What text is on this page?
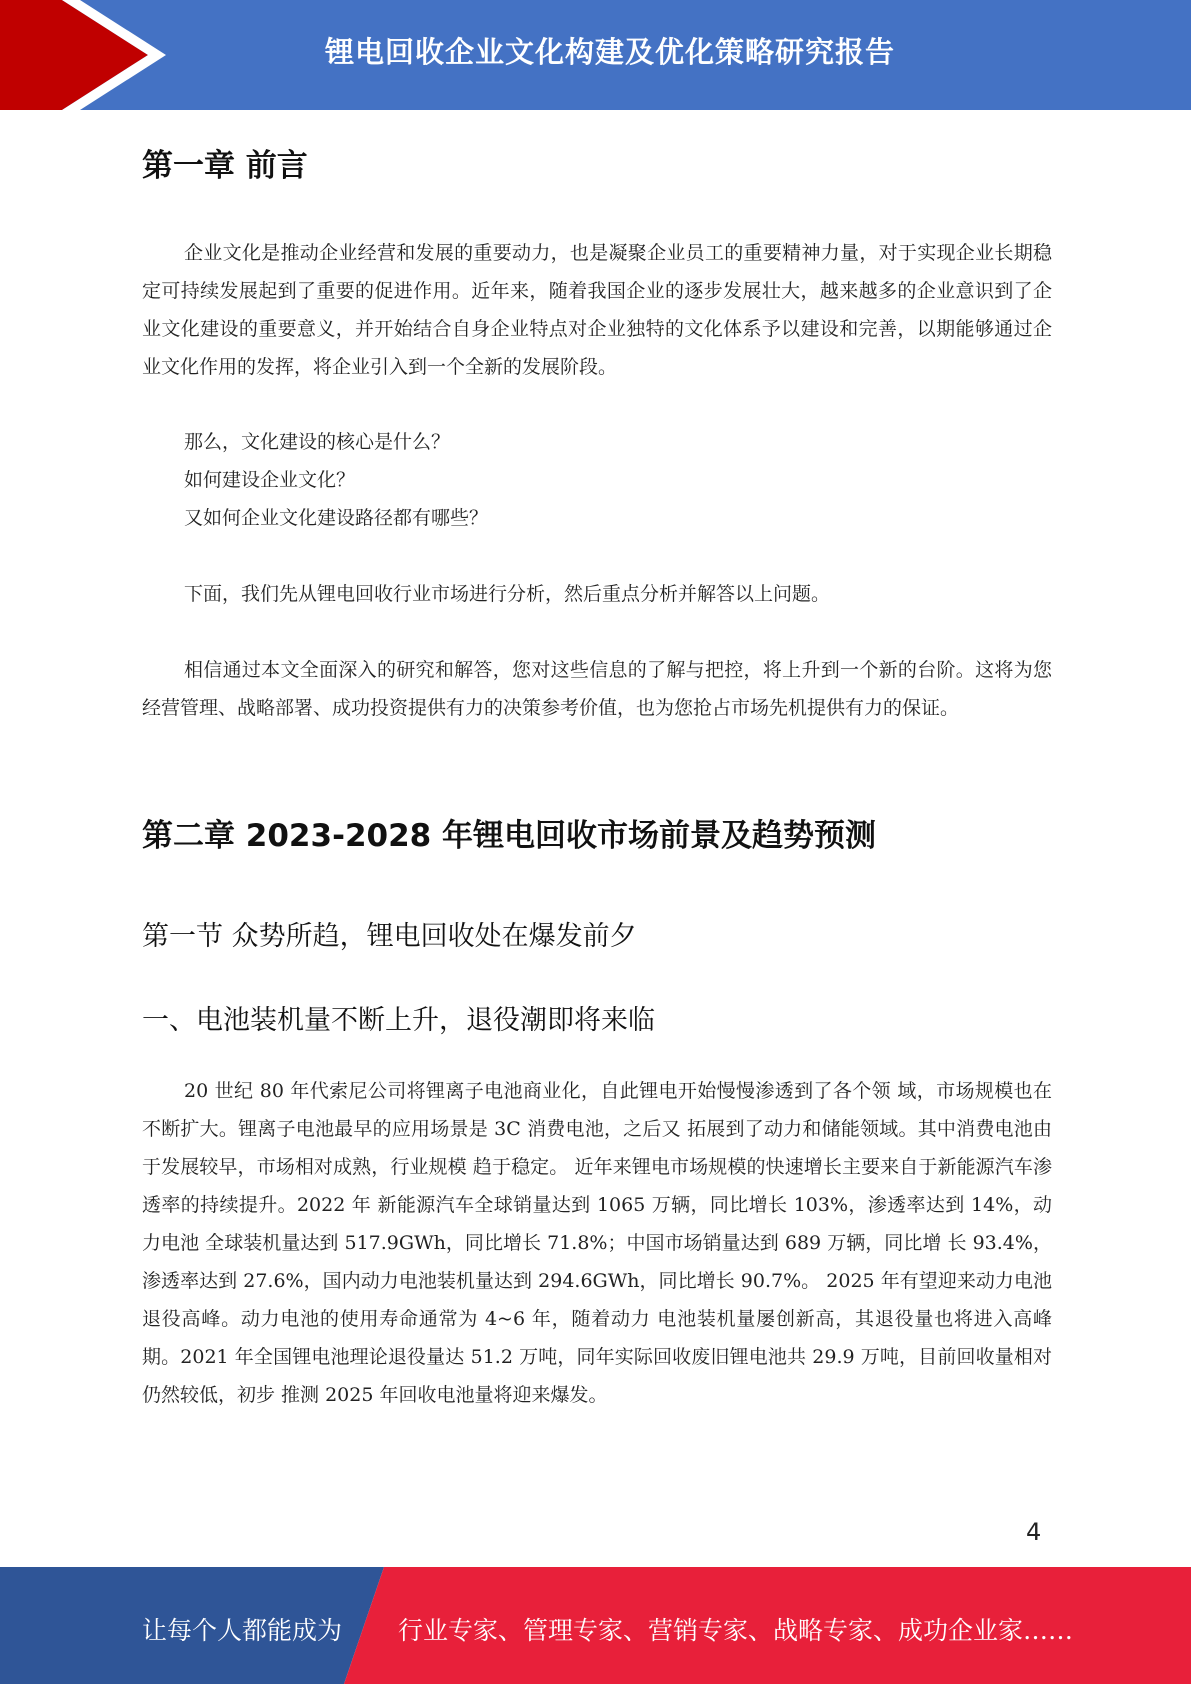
锂电回收企业文化构建及优化策略研究报告
第一章 前言

企业文化是推动企业经营和发展的重要动力，也是凝聚企业员工的重要精神力量，对于实现企业长期稳定可持续发展起到了重要的促进作用。近年来，随着我国企业的逐步发展壮大，越来越多的企业意识到了企业文化建设的重要意义，并开始结合自身企业特点对企业独特的文化体系予以建设和完善，以期能够通过企业文化作用的发挥，将企业引入到一个全新的发展阶段。

那么，文化建设的核心是什么？
如何建设企业文化？
又如何企业文化建设路径都有哪些？

下面，我们先从锂电回收行业市场进行分析，然后重点分析并解答以上问题。

相信通过本文全面深入的研究和解答，您对这些信息的了解与把控，将上升到一个新的台阶。这将为您经营管理、战略部署、成功投资提供有力的决策参考价值，也为您抢占市场先机提供有力的保证。

第二章 2023-2028 年锂电回收市场前景及趋势预测
第一节 众势所趋，锂电回收处在爆发前夕
一、电池装机量不断上升，退役潮即将来临

20 世纪 80 年代索尼公司将锂离子电池商业化，自此锂电开始慢慢渗透到了各个领 域，市场规模也在不断扩大。锂离子电池最早的应用场景是 3C 消费电池，之后又 拓展到了动力和储能领域。其中消费电池由于发展较早，市场相对成熟，行业规模 趋于稳定。 近年来锂电市场规模的快速增长主要来自于新能源汽车渗透率的持续提升。2022 年 新能源汽车全球销量达到 1065 万辆，同比增长 103%，渗透率达到 14%，动力电池 全球装机量达到 517.9GWh，同比增长 71.8%；中国市场销量达到 689 万辆，同比增 长 93.4%，渗透率达到 27.6%，国内动力电池装机量达到 294.6GWh，同比增长 90.7%。 2025 年有望迎来动力电池退役高峰。动力电池的使用寿命通常为 4~6 年，随着动力 电池装机量屡创新高，其退役量也将进入高峰期。2021 年全国锂电池理论退役量达 51.2 万吨，同年实际回收废旧锂电池共 29.9 万吨，目前回收量相对仍然较低，初步 推测 2025 年回收电池量将迎来爆发。

4
让每个人都能成为 行业专家、管理专家、营销专家、战略专家、成功企业家……
